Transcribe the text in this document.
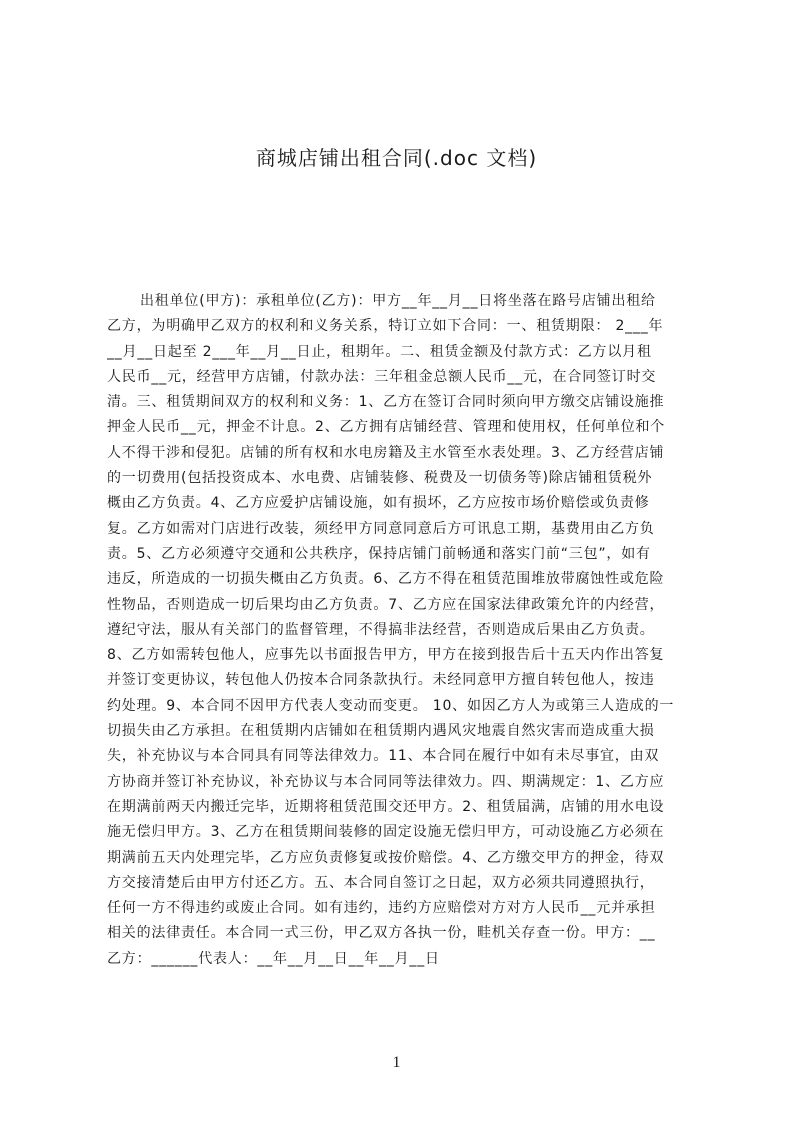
商城店铺出租合同(.doc 文档)
出租单位(甲方)：承租单位(乙方)：甲方__年__月__日将坐落在路号店铺出租给
乙方，为明确甲乙双方的权利和义务关系，特订立如下合同：一、租赁期限： 2___年
__月__日起至 2___年__月__日止，租期年。二、租赁金额及付款方式：乙方以月租
人民币__元，经营甲方店铺，付款办法：三年租金总额人民币__元，在合同签订时交
清。三、租赁期间双方的权利和义务：1、乙方在签订合同时须向甲方缴交店铺设施推
押金人民币__元，押金不计息。2、乙方拥有店铺经营、管理和使用权，任何单位和个
人不得干涉和侵犯。店铺的所有权和水电房籍及主水管至水表处理。3、乙方经营店铺
的一切费用(包括投资成本、水电费、店铺装修、税费及一切债务等)除店铺租赁税外
概由乙方负责。4、乙方应爱护店铺设施，如有损坏，乙方应按市场价赔偿或负责修
复。乙方如需对门店进行改装，须经甲方同意同意后方可讯息工期，基费用由乙方负
责。5、乙方必须遵守交通和公共秩序，保持店铺门前畅通和落实门前“三包”，如有
违反，所造成的一切损失概由乙方负责。6、乙方不得在租赁范围堆放带腐蚀性或危险
性物品，否则造成一切后果均由乙方负责。7、乙方应在国家法律政策允许的内经营，
遵纪守法，服从有关部门的监督管理，不得搞非法经营，否则造成后果由乙方负责。
8、乙方如需转包他人，应事先以书面报告甲方，甲方在接到报告后十五天内作出答复
并签订变更协议，转包他人仍按本合同条款执行。未经同意甲方擅自转包他人，按违
约处理。9、本合同不因甲方代表人变动而变更。 10、如因乙方人为或第三人造成的一
切损失由乙方承担。在租赁期内店铺如在租赁期内遇风灾地震自然灾害而造成重大损
失，补充协议与本合同具有同等法律效力。11、本合同在履行中如有未尽事宜，由双
方协商并签订补充协议，补充协议与本合同同等法律效力。四、期满规定：1、乙方应
在期满前两天内搬迁完毕，近期将租赁范围交还甲方。2、租赁届满，店铺的用水电设
施无偿归甲方。3、乙方在租赁期间装修的固定设施无偿归甲方，可动设施乙方必须在
期满前五天内处理完毕，乙方应负责修复或按价赔偿。4、乙方缴交甲方的押金，待双
方交接清楚后由甲方付还乙方。五、本合同自签订之日起，双方必须共同遵照执行，
任何一方不得违约或废止合同。如有违约，违约方应赔偿对方对方人民币__元并承担
相关的法律责任。本合同一式三份，甲乙双方各执一份，畦机关存查一份。甲方：__
乙方：______代表人：__年__月__日__年__月__日
1
